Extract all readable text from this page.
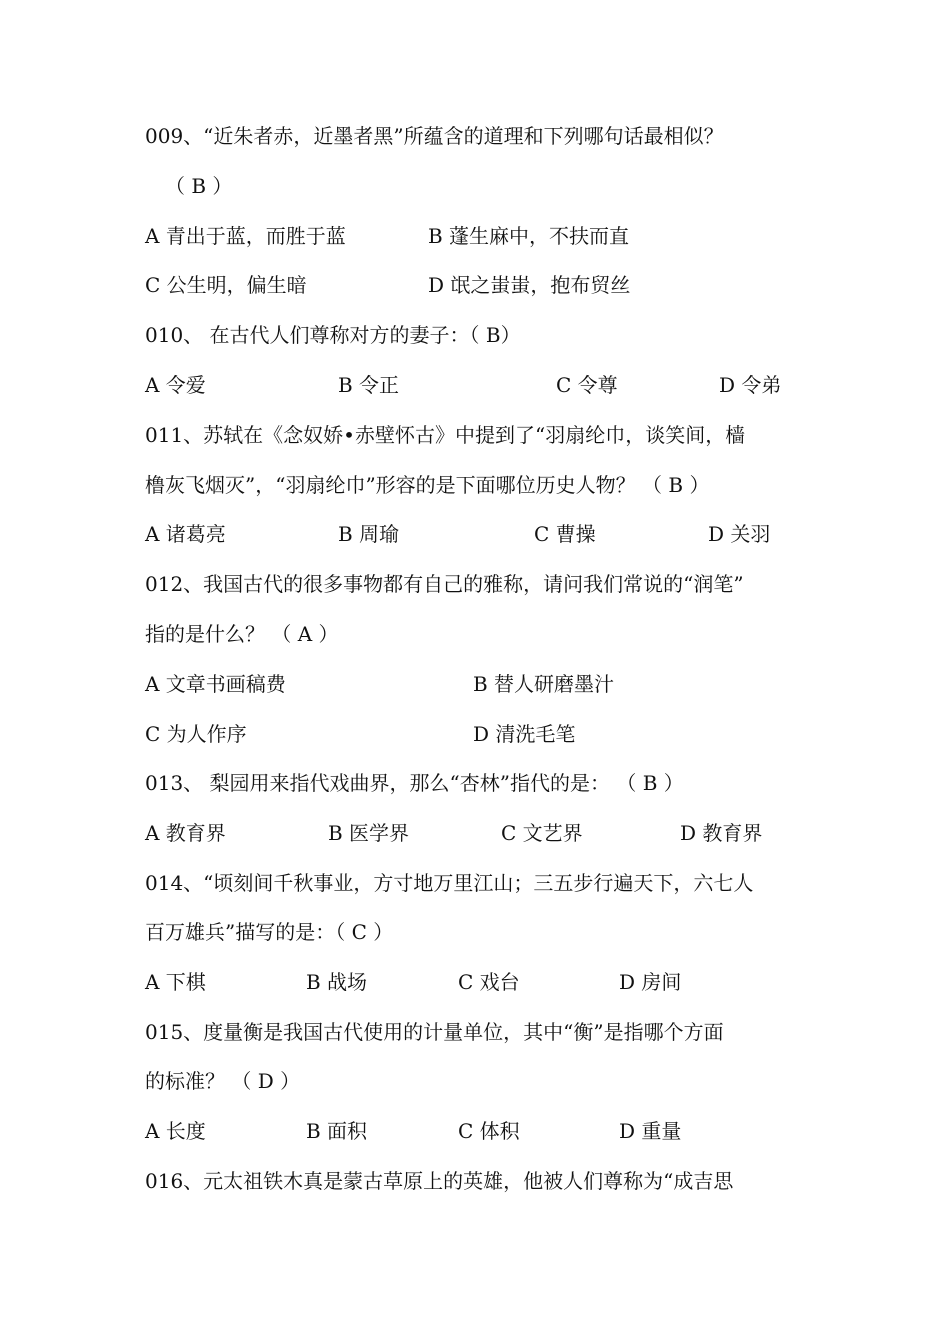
009、“近朱者赤，近墨者黑”所蕴含的道理和下列哪句话最相似？
（ B ）
A 青出于蓝，而胜于蓝	B 蓬生麻中，不扶而直
C 公生明，偏生暗	D 氓之蚩蚩，抱布贸丝
010、 在古代人们尊称对方的妻子：（ B）
A 令爱	B 令正	C 令尊	D 令弟
011、苏轼在《念奴娇•赤壁怀古》中提到了“羽扇纶巾，谈笑间，樯
橹灰飞烟灭”，“羽扇纶巾”形容的是下面哪位历史人物？ （ B ）
A 诸葛亮	B 周瑜	C 曹操	D 关羽
012、我国古代的很多事物都有自己的雅称，请问我们常说的“润笔”
指的是什么？ （ A ）
A 文章书画稿费	B 替人研磨墨汁
C 为人作序	D 清洗毛笔
013、 梨园用来指代戏曲界，那么“杏林”指代的是： （ B ）
A 教育界	B 医学界	C 文艺界	D 教育界
014、“顷刻间千秋事业，方寸地万里江山；三五步行遍天下，六七人
百万雄兵”描写的是：（ C ）
A 下棋	B 战场	C 戏台	D 房间
015、度量衡是我国古代使用的计量单位，其中“衡”是指哪个方面
的标准？ （ D ）
A 长度	B 面积	C 体积	D 重量
016、元太祖铁木真是蒙古草原上的英雄，他被人们尊称为“成吉思
